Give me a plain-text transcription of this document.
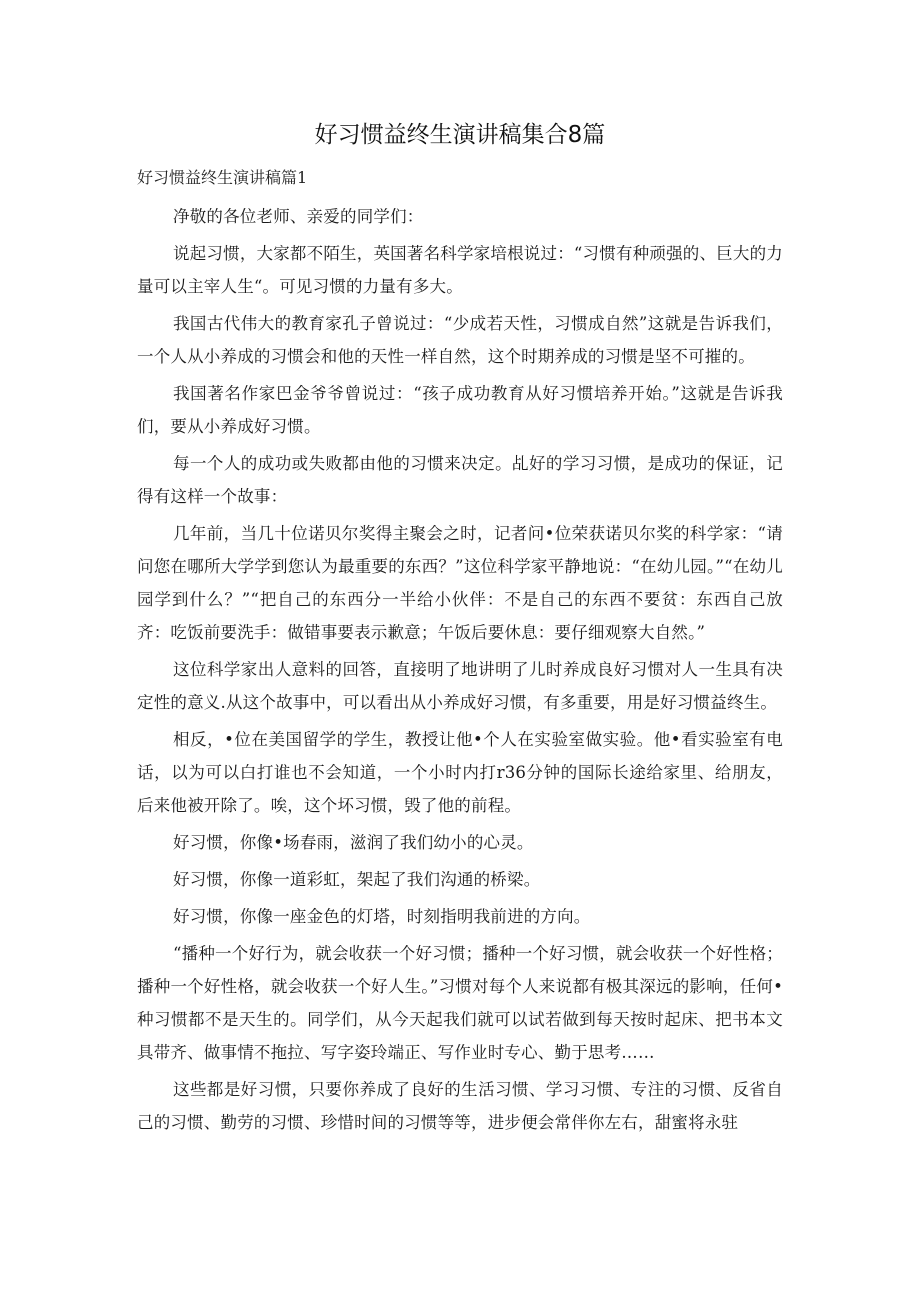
好习惯益终生演讲稿集合8篇

好习惯益终生演讲稿篇1

净敬的各位老师、亲爱的同学们：

说起习惯，大家都不陌生，英国著名科学家培根说过：“习惯有种顽强的、巨大的力量可以主宰人生“。可见习惯的力量有多大。

我国古代伟大的教育家孔子曾说过：“少成若天性，习惯成自然”这就是告诉我们，一个人从小养成的习惯会和他的天性一样自然，这个时期养成的习惯是坚不可摧的。

我国著名作家巴金爷爷曾说过：“孩子成功教育从好习惯培养开始。”这就是告诉我们，要从小养成好习惯。

每一个人的成功或失败都由他的习惯来决定。乩好的学习习惯，是成功的保证，记得有这样一个故事：

几年前，当几十位诺贝尔奖得主聚会之时，记者问•位荣获诺贝尔奖的科学家：“请问您在哪所大学学到您认为最重要的东西？”这位科学家平静地说：“在幼儿园。”“在幼儿园学到什么？”“把自己的东西分一半给小伙伴：不是自己的东西不要贫：东西自己放齐：吃饭前要洗手：做错事要表示歉意；午饭后要休息：要仔细观察大自然。”

这位科学家出人意料的回答，直接明了地讲明了儿时养成良好习惯对人一生具有决定性的意义.从这个故事中，可以看出从小养成好习惯，有多重要，用是好习惯益终生。

相反，•位在美国留学的学生，教授让他•个人在实验室做实验。他•看实验室有电话，以为可以白打谁也不会知道，一个小时内打r36分钟的国际长途给家里、给朋友，后来他被开除了。唉，这个坏习惯，毁了他的前程。

好习惯，你像•场春雨，滋润了我们幼小的心灵。

好习惯，你像一道彩虹，架起了我们沟通的桥梁。

好习惯，你像一座金色的灯塔，时刻指明我前进的方向。

“播种一个好行为，就会收获一个好习惯；播种一个好习惯，就会收获一个好性格；播种一个好性格，就会收获一个好人生。”习惯对每个人来说都有极其深远的影响，任何•种习惯都不是天生的。同学们，从今天起我们就可以试若做到每天按时起床、把书本文具带齐、做事情不拖拉、写字姿玲端正、写作业时专心、勤于思考……

这些都是好习惯，只要你养成了良好的生活习惯、学习习惯、专注的习惯、反省自己的习惯、勤劳的习惯、珍惜时间的习惯等等，进步便会常伴你左右，甜蜜将永驻
